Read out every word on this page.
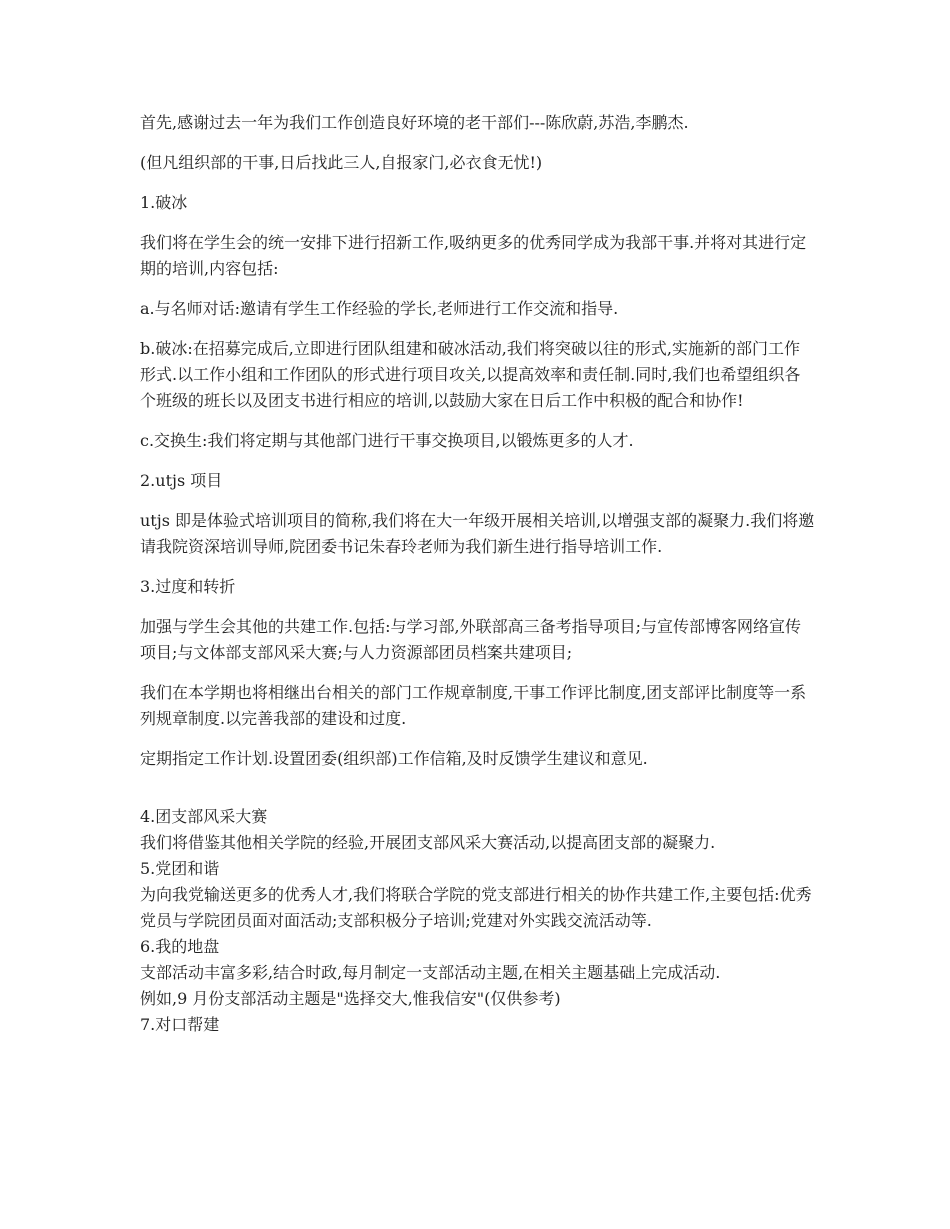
首先,感谢过去一年为我们工作创造良好环境的老干部们---陈欣蔚,苏浩,李鹏杰.

(但凡组织部的干事,日后找此三人,自报家门,必衣食无忧!)

1.破冰

我们将在学生会的统一安排下进行招新工作,吸纳更多的优秀同学成为我部干事.并将对其进行定期的培训,内容包括:

a.与名师对话:邀请有学生工作经验的学长,老师进行工作交流和指导.

b.破冰:在招募完成后,立即进行团队组建和破冰活动,我们将突破以往的形式,实施新的部门工作形式.以工作小组和工作团队的形式进行项目攻关,以提高效率和责任制.同时,我们也希望组织各个班级的班长以及团支书进行相应的培训,以鼓励大家在日后工作中积极的配合和协作!

c.交换生:我们将定期与其他部门进行干事交换项目,以锻炼更多的人才.

2.utjs 项目

utjs 即是体验式培训项目的简称,我们将在大一年级开展相关培训,以增强支部的凝聚力.我们将邀请我院资深培训导师,院团委书记朱春玲老师为我们新生进行指导培训工作.

3.过度和转折

加强与学生会其他的共建工作.包括:与学习部,外联部高三备考指导项目;与宣传部博客网络宣传项目;与文体部支部风采大赛;与人力资源部团员档案共建项目;

我们在本学期也将相继出台相关的部门工作规章制度,干事工作评比制度,团支部评比制度等一系列规章制度.以完善我部的建设和过度.

定期指定工作计划.设置团委(组织部)工作信箱,及时反馈学生建议和意见.

4.团支部风采大赛

我们将借鉴其他相关学院的经验,开展团支部风采大赛活动,以提高团支部的凝聚力.

5.党团和谐

为向我党输送更多的优秀人才,我们将联合学院的党支部进行相关的协作共建工作,主要包括:优秀党员与学院团员面对面活动;支部积极分子培训;党建对外实践交流活动等.

6.我的地盘

支部活动丰富多彩,结合时政,每月制定一支部活动主题,在相关主题基础上完成活动.

例如,9 月份支部活动主题是"选择交大,惟我信安"(仅供参考)

7.对口帮建
